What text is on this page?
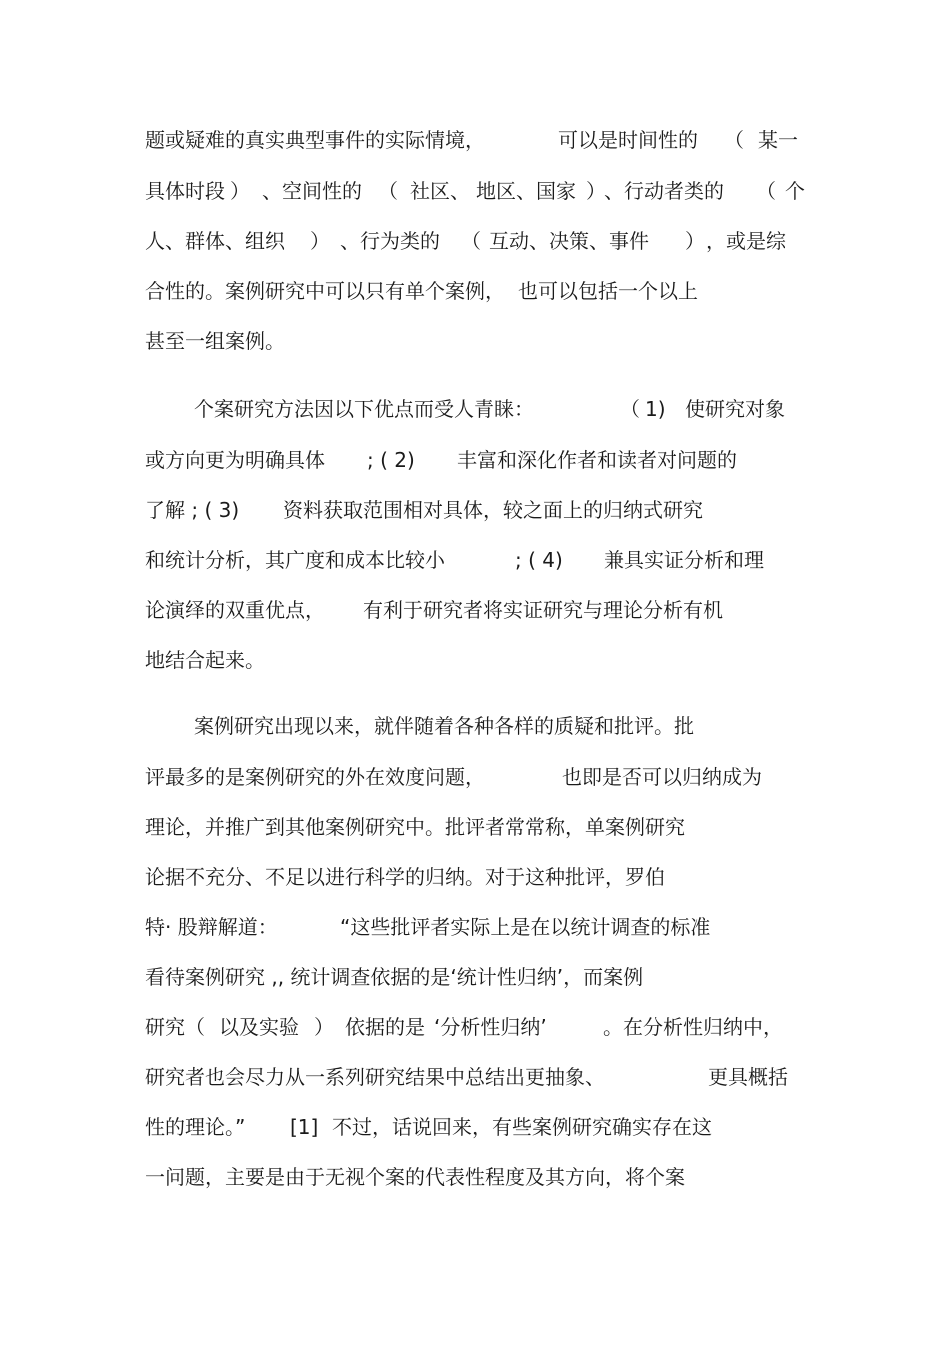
题或疑难的真实典型事件的实际情境，

	可以是时间性的

（

某一

具体时段

）

、空间性的

（

社区、

地区、国家

）

、行动者类的

（

个

人、群体、组织

）

、行为类的

（

互动、决策、事件

）

，或是综

合性的。案例研究中可以只有单个案例，

也可以包括一个以上

甚至一组案例。

个案研究方法因以下优点而受人青睐：

	（

1)

使研究对象

或方向更为明确具体

; ( 2)

丰富和深化作者和读者对问题的

了解 ; ( 3)

资料获取范围相对具体，较之面上的归纳式研究

和统计分析，其广度和成本比较小

	; ( 4)

兼具实证分析和理

论演绎的双重优点，

有利于研究者将实证研究与理论分析有机

地结合起来。

案例研究出现以来，就伴随着各种各样的质疑和批评。批

评最多的是案例研究的外在效度问题，

	也即是否可以归纳成为

理论，并推广到其他案例研究中。批评者常常称，单案例研究

论据不充分、不足以进行科学的归纳。对于这种批评，罗伯

特· 股辩解道：

	“这些批评者实际上是在以统计调查的标准

看待案例研究 ,, 统计调查依据的是‘统计性归纳’，而案例

研究（

以及实验

）

依据的是

‘分析性归纳’

	。在分析性归纳中，

研究者也会尽力从一系列研究结果中总结出更抽象、

	更具概括

性的理论。”

[1]

不过，话说回来，有些案例研究确实存在这

一问题，主要是由于无视个案的代表性程度及其方向，将个案
